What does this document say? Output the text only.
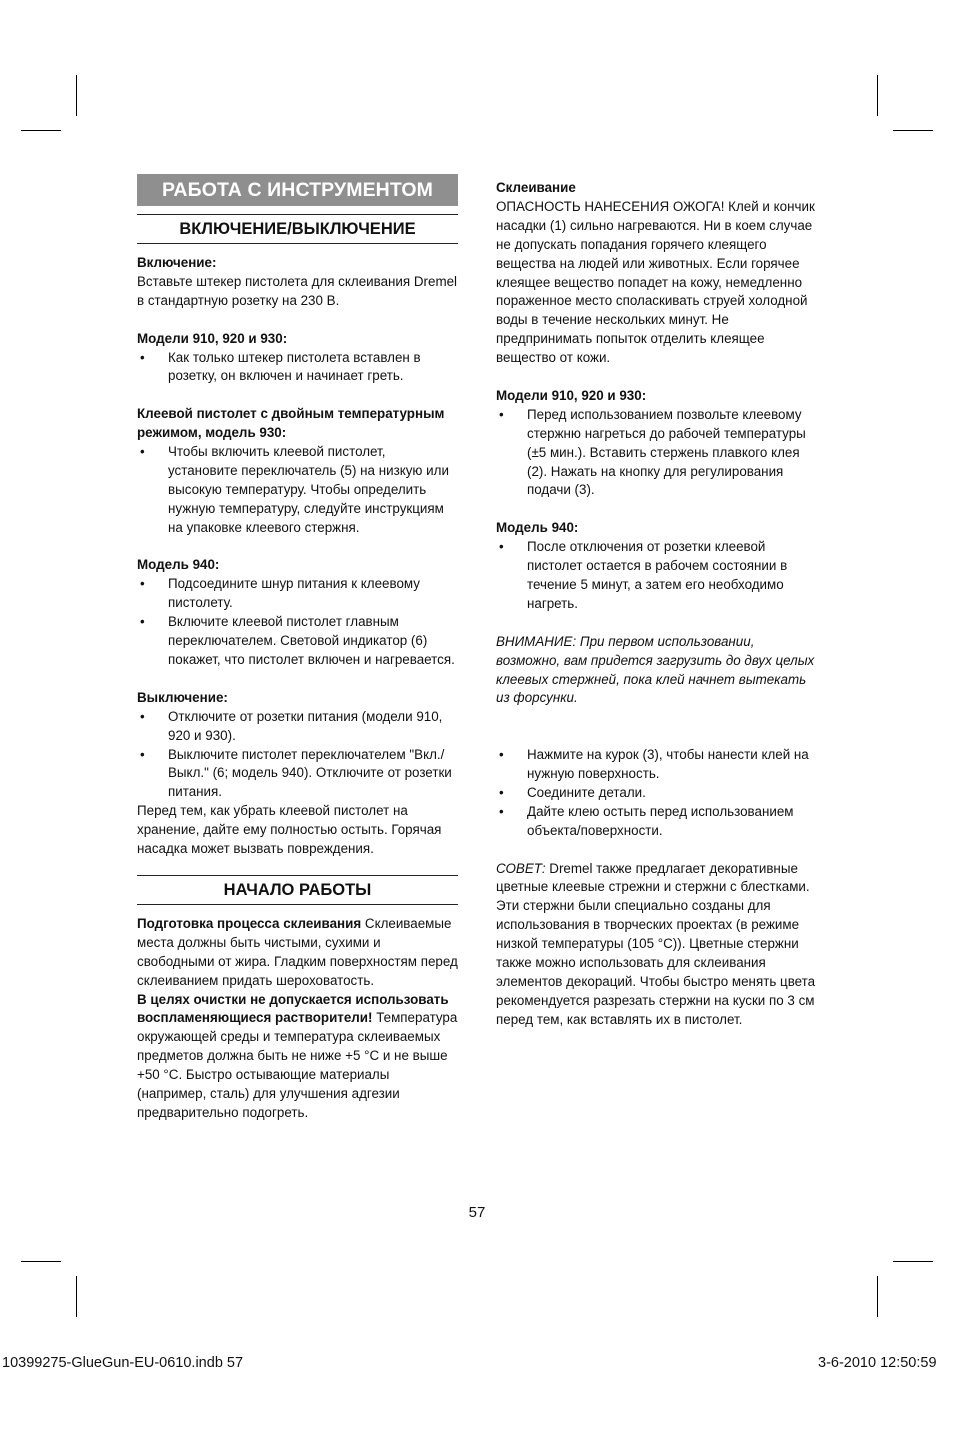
РАБОТА С ИНСТРУМЕНТОМ
ВКЛЮЧЕНИЕ/ВЫКЛЮЧЕНИЕ

Включение:

Вставьте штекер пистолета для склеивания Dremel в стандартную розетку на 230 В.

Модели 910, 920 и 930:

• Как только штекер пистолета вставлен в розетку, он включен и начинает греть.

Клеевой пистолет с двойным температурным режимом, модель 930:

• Чтобы включить клеевой пистолет, установите переключатель (5) на низкую или высокую температуру. Чтобы определить нужную температуру, следуйте инструкциям на упаковке клеевого стержня.

Модель 940:

• Подсоедините шнур питания к клеевому пистолету.
• Включите клеевой пистолет главным переключателем. Световой индикатор (6) покажет, что пистолет включен и нагревается.

Выключение:

• Отключите от розетки питания (модели 910, 920 и 930).
• Выключите пистолет переключателем "Вкл./ Выкл." (6; модель 940). Отключите от розетки питания.

Перед тем, как убрать клеевой пистолет на хранение, дайте ему полностью остыть. Горячая насадка может вызвать повреждения.

НАЧАЛО РАБОТЫ

Подготовка процесса склеивания Склеиваемые места должны быть чистыми, сухими и свободными от жира. Гладким поверхностям перед склеиванием придать шероховатость.

В целях очистки не допускается использовать воспламеняющиеся растворители! Температура окружающей среды и температура склеиваемых предметов должна быть не ниже +5 °С и не выше +50 °С. Быстро остывающие материалы (например, сталь) для улучшения адгезии предварительно подогреть.

Склеивание

ОПАСНОСТЬ НАНЕСЕНИЯ ОЖОГА! Клей и кончик насадки (1) сильно нагреваются. Ни в коем случае не допускать попадания горячего клеящего вещества на людей или животных. Если горячее клеящее вещество попадет на кожу, немедленно пораженное место споласкивать струей холодной воды в течение нескольких минут. Не предпринимать попыток отделить клеящее вещество от кожи.

Модели 910, 920 и 930:

• Перед использованием позвольте клеевому стержню нагреться до рабочей температуры (±5 мин.). Вставить стержень плавкого клея (2). Нажать на кнопку для регулирования подачи (3).

Модель 940:

• После отключения от розетки клеевой пистолет остается в рабочем состоянии в течение 5 минут, а затем его необходимо нагреть.

ВНИМАНИЕ: При первом использовании, возможно, вам придется загрузить до двух целых клеевых стержней, пока клей начнет вытекать из форсунки.

• Нажмите на курок (3), чтобы нанести клей на нужную поверхность.
• Соедините детали.
• Дайте клею остыть перед использованием объекта/поверхности.

СОВЕТ: Dremel также предлагает декоративные цветные клеевые стрежни и стержни с блестками. Эти стержни были специально созданы для использования в творческих проектах (в режиме низкой температуры (105 °С)). Цветные стержни также можно использовать для склеивания элементов декораций. Чтобы быстро менять цвета рекомендуется разрезать стержни на куски по 3 см перед тем, как вставлять их в пистолет.

57
10399275-GlueGun-EU-0610.indb 57	3-6-2010 12:50:59
